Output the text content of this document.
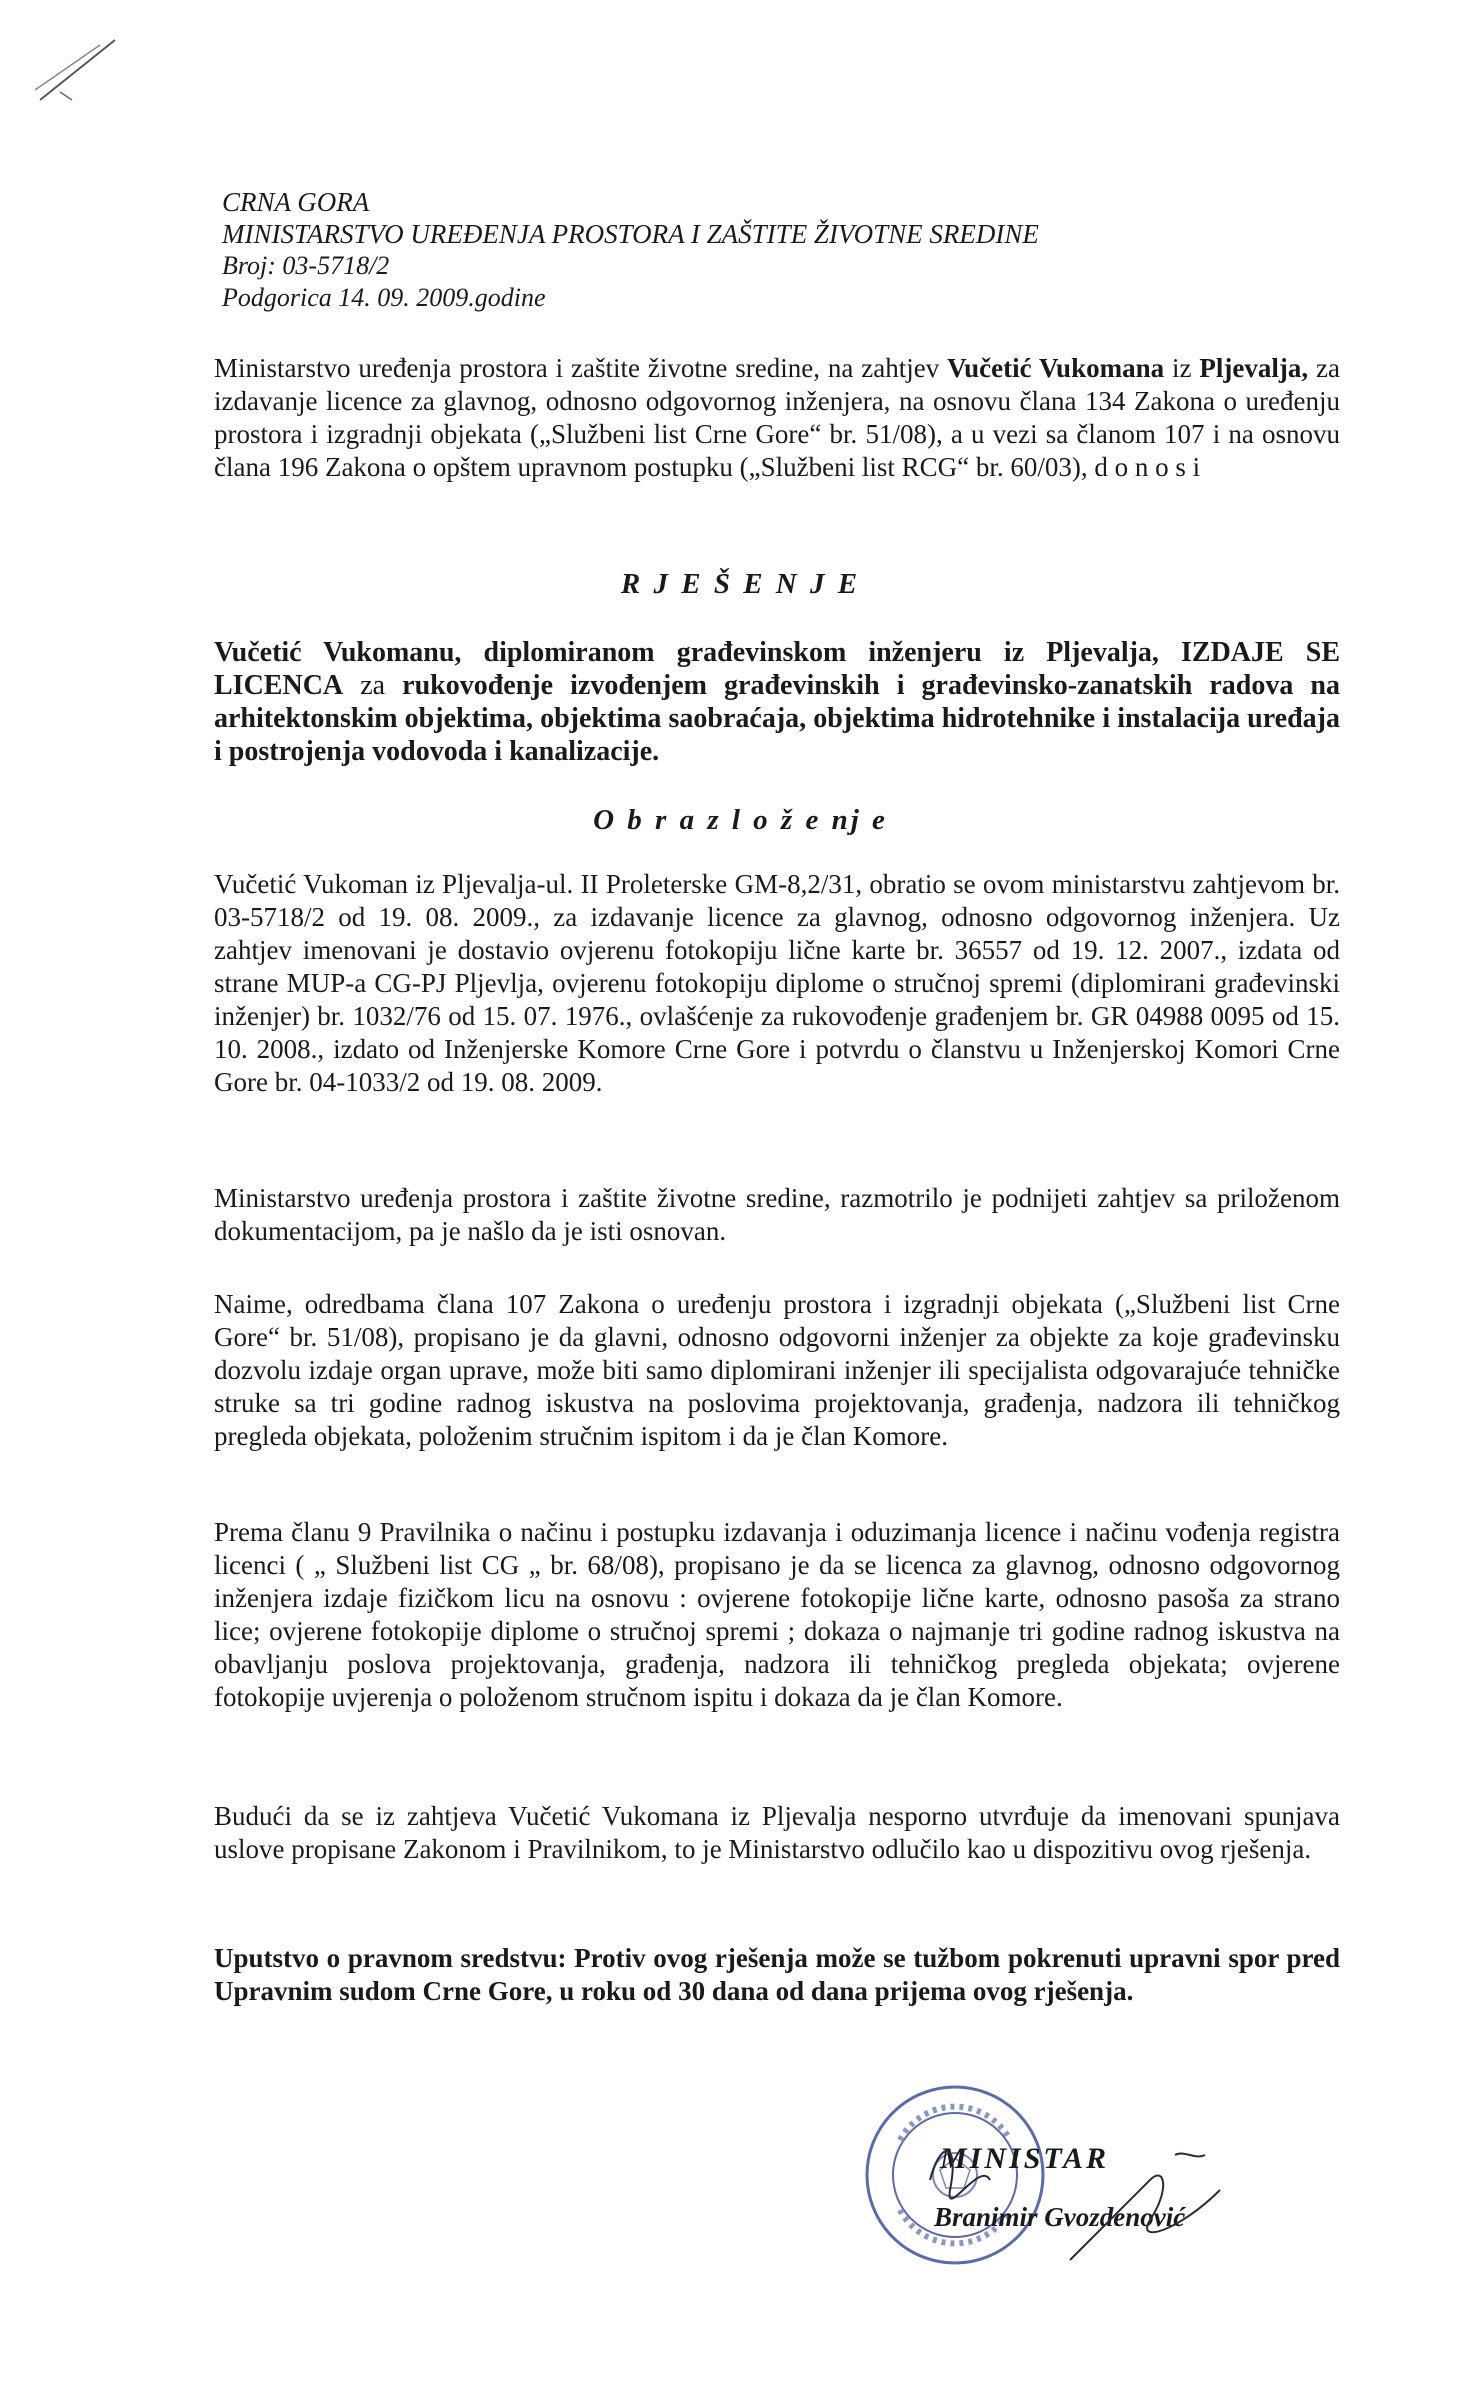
CRNA GORA
MINISTARSTVO UREĐENJA PROSTORA I ZAŠTITE ŽIVOTNE SREDINE
Broj: 03-5718/2
Podgorica 14. 09. 2009.godine
Ministarstvo uređenja prostora i zaštite životne sredine, na zahtjev Vučetić Vukomana iz Pljevalja, za izdavanje licence za glavnog, odnosno odgovornog inženjera, na osnovu člana 134 Zakona o uređenju prostora i izgradnji objekata („Službeni list Crne Gore“ br. 51/08), a u vezi sa članom 107 i na osnovu člana 196 Zakona o opštem upravnom postupku („Službeni list RCG“ br. 60/03), d o n o s i
R J E Š E N J E
Vučetić Vukomanu, diplomiranom građevinskom inženjeru iz Pljevalja, IZDAJE SE LICENCA za rukovođenje izvođenjem građevinskih i građevinsko-zanatskih radova na arhitektonskim objektima, objektima saobraćaja, objektima hidrotehnike i instalacija uređaja i postrojenja vodovoda i kanalizacije.
O b r a z l o ž e nj e
Vučetić Vukoman iz Pljevalja-ul. II Proleterske GM-8,2/31, obratio se ovom ministarstvu zahtjevom br. 03-5718/2 od 19. 08. 2009., za izdavanje licence za glavnog, odnosno odgovornog inženjera. Uz zahtjev imenovani je dostavio ovjerenu fotokopiju lične karte br. 36557 od 19. 12. 2007., izdata od strane MUP-a CG-PJ Pljevlja, ovjerenu fotokopiju diplome o stručnoj spremi (diplomirani građevinski inženjer) br. 1032/76 od 15. 07. 1976., ovlašćenje za rukovođenje građenjem br. GR 04988 0095 od 15. 10. 2008., izdato od Inženjerske Komore Crne Gore i potvrdu o članstvu u Inženjerskoj Komori Crne Gore br. 04-1033/2 od 19. 08. 2009.
Ministarstvo uređenja prostora i zaštite životne sredine, razmotrilo je podnijeti zahtjev sa priloženom dokumentacijom, pa je našlo da je isti osnovan.
Naime, odredbama člana 107 Zakona o uređenju prostora i izgradnji objekata („Službeni list Crne Gore“ br. 51/08), propisano je da glavni, odnosno odgovorni inženjer za objekte za koje građevinsku dozvolu izdaje organ uprave, može biti samo diplomirani inženjer ili specijalista odgovarajuće tehničke struke sa tri godine radnog iskustva na poslovima projektovanja, građenja, nadzora ili tehničkog pregleda objekata, položenim stručnim ispitom i da je član Komore.
Prema članu 9 Pravilnika o načinu i postupku izdavanja i oduzimanja licence i načinu vođenja registra licenci ( „ Službeni list CG „ br. 68/08), propisano je da se licenca za glavnog, odnosno odgovornog inženjera izdaje fizičkom licu na osnovu : ovjerene fotokopije lične karte, odnosno pasoša za strano lice; ovjerene fotokopije diplome o stručnoj spremi ; dokaza o najmanje tri godine radnog iskustva na obavljanju poslova projektovanja, građenja, nadzora ili tehničkog pregleda objekata; ovjerene fotokopije uvjerenja o položenom stručnom ispitu i dokaza da je član Komore.
Budući da se iz zahtjeva Vučetić Vukomana iz Pljevalja nesporno utvrđuje da imenovani spunjava uslove propisane Zakonom i Pravilnikom, to je Ministarstvo odlučilo kao u dispozitivu ovog rješenja.
Uputstvo o pravnom sredstvu: Protiv ovog rješenja može se tužbom pokrenuti upravni spor pred Upravnim sudom Crne Gore, u roku od 30 dana od dana prijema ovog rješenja.
MINISTAR
Branimir Gvozdenović
